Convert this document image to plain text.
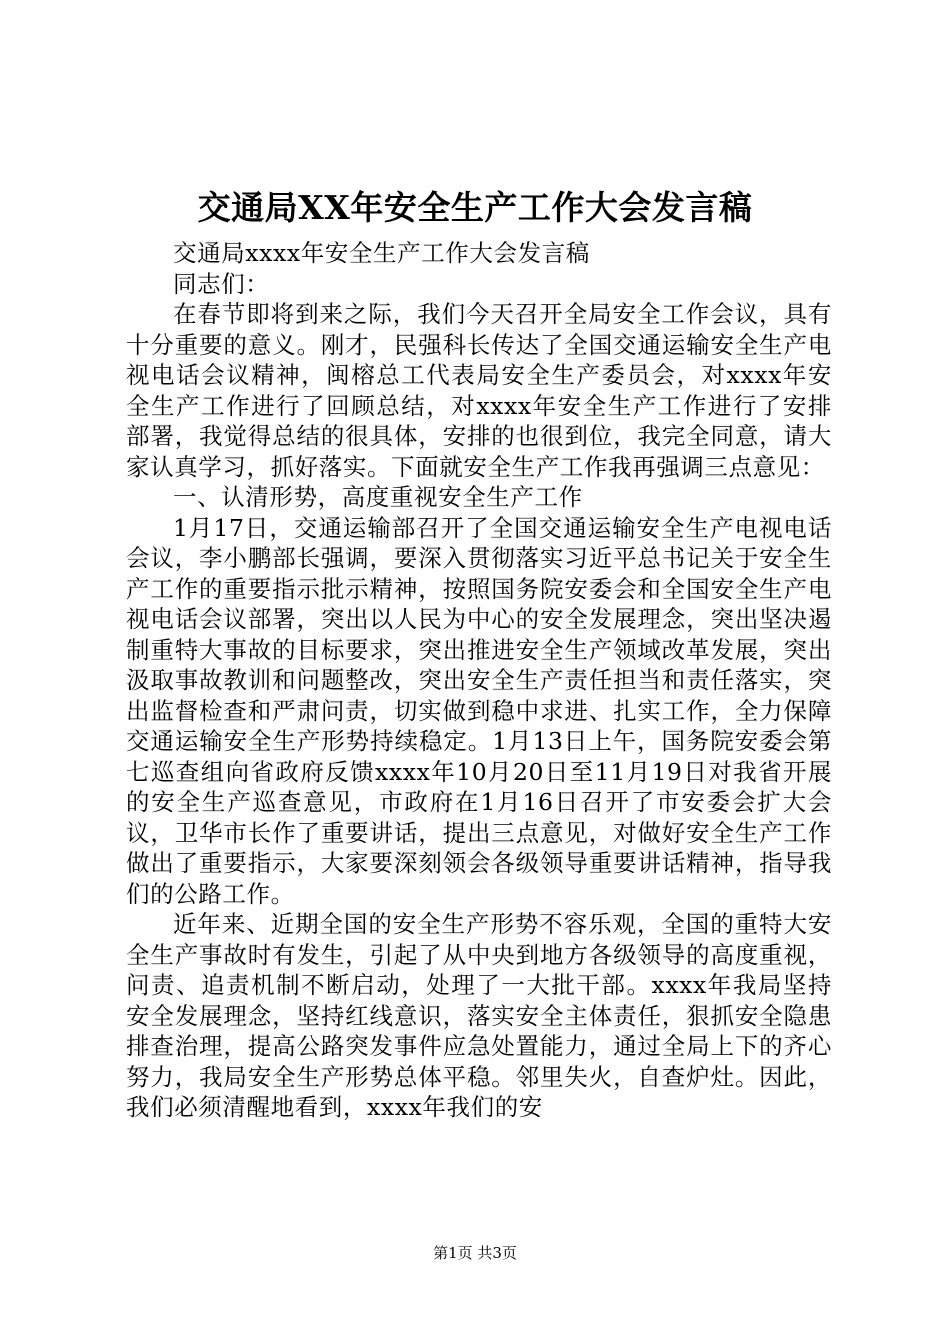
交通局XX年安全生产工作大会发言稿

交通局xxxx年安全生产工作大会发言稿

同志们：

在春节即将到来之际，我们今天召开全局安全工作会议，具有十分重要的意义。刚才，民强科长传达了全国交通运输安全生产电视电话会议精神，闽榕总工代表局安全生产委员会，对xxxx年安全生产工作进行了回顾总结，对xxxx年安全生产工作进行了安排部署，我觉得总结的很具体，安排的也很到位，我完全同意，请大家认真学习，抓好落实。下面就安全生产工作我再强调三点意见：

一、认清形势，高度重视安全生产工作

1月17日，交通运输部召开了全国交通运输安全生产电视电话会议，李小鹏部长强调，要深入贯彻落实习近平总书记关于安全生产工作的重要指示批示精神，按照国务院安委会和全国安全生产电视电话会议部署，突出以人民为中心的安全发展理念，突出坚决遏制重特大事故的目标要求，突出推进安全生产领域改革发展，突出汲取事故教训和问题整改，突出安全生产责任担当和责任落实，突出监督检查和严肃问责，切实做到稳中求进、扎实工作，全力保障交通运输安全生产形势持续稳定。1月13日上午，国务院安委会第七巡查组向省政府反馈xxxx年10月20日至11月19日对我省开展的安全生产巡查意见，市政府在1月16日召开了市安委会扩大会议，卫华市长作了重要讲话，提出三点意见，对做好安全生产工作做出了重要指示，大家要深刻领会各级领导重要讲话精神，指导我们的公路工作。

近年来、近期全国的安全生产形势不容乐观，全国的重特大安全生产事故时有发生，引起了从中央到地方各级领导的高度重视，问责、追责机制不断启动，处理了一大批干部。xxxx年我局坚持安全发展理念，坚持红线意识，落实安全主体责任，狠抓安全隐患排查治理，提高公路突发事件应急处置能力，通过全局上下的齐心努力，我局安全生产形势总体平稳。邻里失火，自查炉灶。因此，我们必须清醒地看到，xxxx年我们的安

第1页 共3页
